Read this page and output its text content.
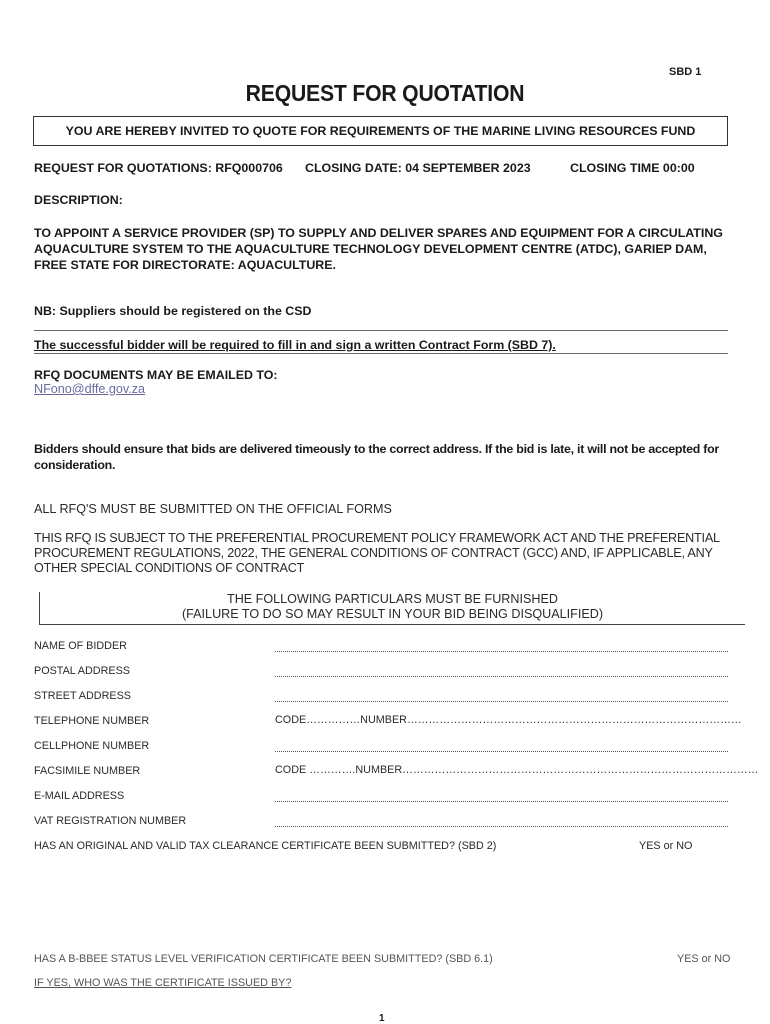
SBD 1
REQUEST FOR QUOTATION
YOU ARE HEREBY INVITED TO QUOTE FOR REQUIREMENTS OF THE MARINE LIVING RESOURCES FUND
REQUEST FOR QUOTATIONS: RFQ000706 CLOSING DATE: 04 SEPTEMBER 2023	CLOSING TIME 00:00
DESCRIPTION:
TO APPOINT A SERVICE PROVIDER (SP) TO SUPPLY AND DELIVER SPARES AND EQUIPMENT FOR A CIRCULATING AQUACULTURE SYSTEM TO THE AQUACULTURE TECHNOLOGY DEVELOPMENT CENTRE (ATDC), GARIEP DAM, FREE STATE FOR DIRECTORATE: AQUACULTURE.
NB: Suppliers should be registered on the CSD
The successful bidder will be required to fill in and sign a written Contract Form (SBD 7).
RFQ DOCUMENTS MAY BE EMAILED TO:
NFono@dffe.gov.za
Bidders should ensure that bids are delivered timeously to the correct address. If the bid is late, it will not be accepted for consideration.
ALL RFQ'S MUST BE SUBMITTED ON THE OFFICIAL FORMS
THIS RFQ IS SUBJECT TO THE PREFERENTIAL PROCUREMENT POLICY FRAMEWORK ACT AND THE PREFERENTIAL PROCUREMENT REGULATIONS, 2022, THE GENERAL CONDITIONS OF CONTRACT (GCC) AND, IF APPLICABLE, ANY OTHER SPECIAL CONDITIONS OF CONTRACT
THE FOLLOWING PARTICULARS MUST BE FURNISHED
(FAILURE TO DO SO MAY RESULT IN YOUR BID BEING DISQUALIFIED)
NAME OF BIDDER
POSTAL ADDRESS
STREET ADDRESS
TELEPHONE NUMBER	CODE……………NUMBER…………………………………………………………………………………
CELLPHONE NUMBER
FACSIMILE NUMBER	CODE ………….NUMBER………………………………………………………………………………………
E-MAIL ADDRESS
VAT REGISTRATION NUMBER
HAS AN ORIGINAL AND VALID TAX CLEARANCE CERTIFICATE BEEN SUBMITTED? (SBD 2)	YES or NO
HAS A B-BBEE STATUS LEVEL VERIFICATION CERTIFICATE BEEN SUBMITTED? (SBD 6.1)	YES or NO
IF YES, WHO WAS THE CERTIFICATE ISSUED BY?
1
